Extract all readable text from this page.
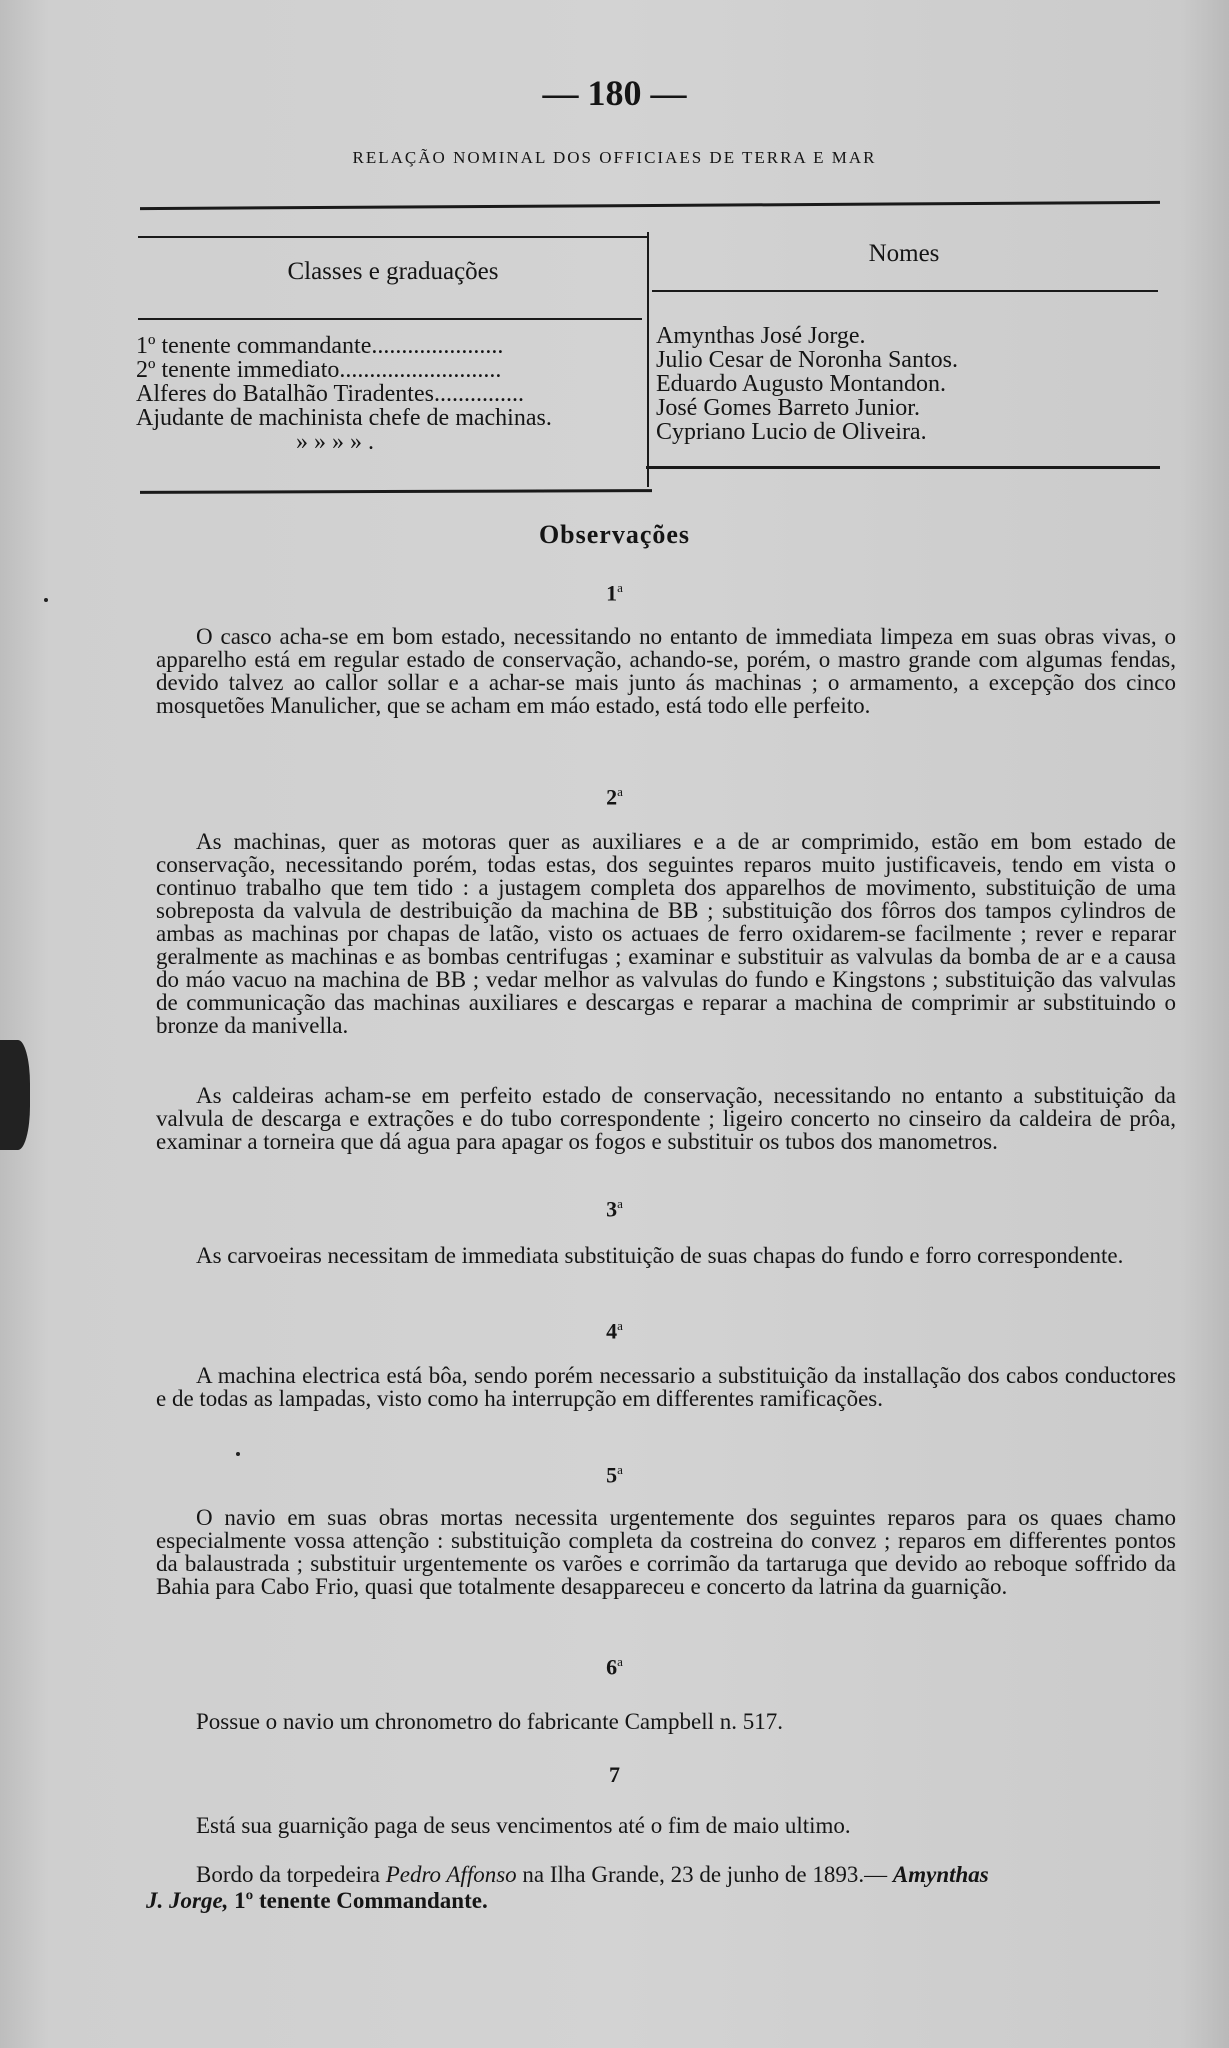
— 180 —
RELAÇÃO NOMINAL DOS OFFICIAES DE TERRA E MAR
Classes e graduações
Nomes
1º tenente commandante......................
2º tenente immediato...........................
Alferes do Batalhão Tiradentes...............
Ajudante de machinista chefe de machinas.
» » » » .
Amynthas José Jorge.
Julio Cesar de Noronha Santos.
Eduardo Augusto Montandon.
José Gomes Barreto Junior.
Cypriano Lucio de Oliveira.
Observações
1$^a$
O casco acha-se em bom estado, necessitando no entanto de immediata limpeza em suas obras vivas, o apparelho está em regular estado de conservação, achando-se, porém, o mastro grande com algumas fendas, devido talvez ao callor sollar e a achar-se mais junto ás machinas ; o armamento, a excepção dos cinco mosquetões Manulicher, que se acham em máo estado, está todo elle perfeito.
2$^a$
As machinas, quer as motoras quer as auxiliares e a de ar comprimido, estão em bom estado de conservação, necessitando porém, todas estas, dos seguintes reparos muito justificaveis, tendo em vista o continuo trabalho que tem tido : a justagem completa dos apparelhos de movimento, substituição de uma sobreposta da valvula de destribuição da machina de BB ; substituição dos fôrros dos tampos cylindros de ambas as machinas por chapas de latão, visto os actuaes de ferro oxidarem-se facilmente ; rever e reparar geralmente as machinas e as bombas centrifugas ; examinar e substituir as valvulas da bomba de ar e a causa do máo vacuo na machina de BB ; vedar melhor as valvulas do fundo e Kingstons ; substituição das valvulas de communicação das machinas auxiliares e descargas e reparar a machina de comprimir ar substituindo o bronze da manivella.
As caldeiras acham-se em perfeito estado de conservação, necessitando no entanto a substituição da valvula de descarga e extrações e do tubo correspondente ; ligeiro concerto no cinseiro da caldeira de prôa, examinar a torneira que dá agua para apagar os fogos e substituir os tubos dos manometros.
3$^a$
As carvoeiras necessitam de immediata substituição de suas chapas do fundo e forro correspondente.
4$^a$
A machina electrica está bôa, sendo porém necessario a substituição da installação dos cabos conductores e de todas as lampadas, visto como ha interrupção em differentes ramificações.
5$^a$
O navio em suas obras mortas necessita urgentemente dos seguintes reparos para os quaes chamo especialmente vossa attenção : substituição completa da costreina do convez ; reparos em differentes pontos da balaustrada ; substituir urgentemente os varões e corrimão da tartaruga que devido ao reboque soffrido da Bahia para Cabo Frio, quasi que totalmente desappareceu e concerto da latrina da guarnição.
6$^a$
Possue o navio um chronometro do fabricante Campbell n. 517.
7
Está sua guarnição paga de seus vencimentos até o fim de maio ultimo.
Bordo da torpedeira Pedro Affonso na Ilha Grande, 23 de junho de 1893.— Amynthas
J. Jorge, 1º tenente Commandante.
